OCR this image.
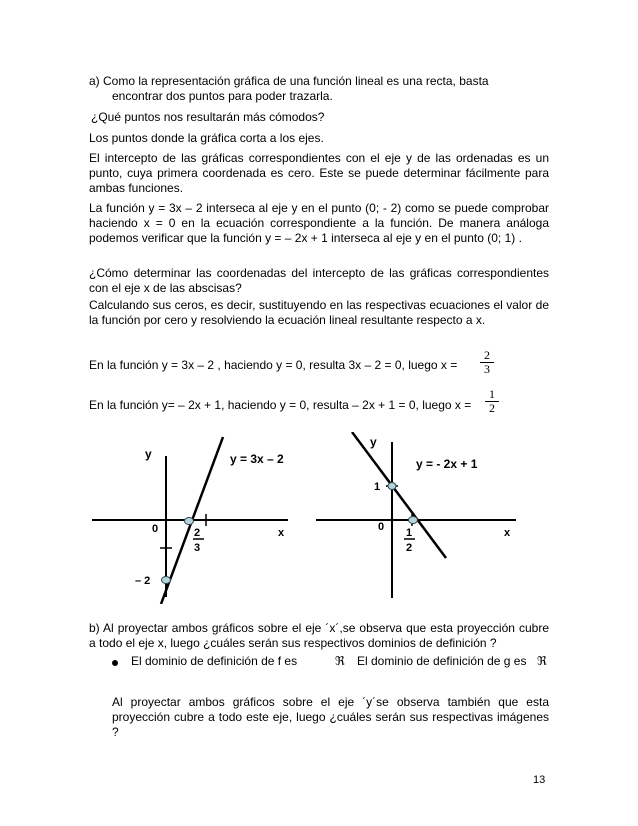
a) Como la representación gráfica de una función lineal es una recta, basta

encontrar dos puntos para poder trazarla.

¿Qué puntos nos resultarán más cómodos?

Los puntos donde la gráfica corta a los ejes.

El intercepto de las gráficas correspondientes con el eje y de las ordenadas es un punto, cuya primera coordenada es cero. Este se puede determinar fácilmente para ambas funciones.

La función y = 3x – 2 interseca al eje y en el punto (0; - 2) como se puede comprobar haciendo x = 0 en la ecuación correspondiente a la función. De manera análoga podemos verificar que la función y = – 2x + 1 interseca al eje y en el punto (0; 1) .

¿Cómo determinar las coordenadas del intercepto de las gráficas correspondientes con el eje x de las abscisas?

Calculando sus ceros, es decir, sustituyendo en las respectivas ecuaciones el valor de la función por cero y resolviendo la ecuación lineal resultante respecto a x.

En la función y = 3x – 2 , haciendo y = 0, resulta 3x – 2 = 0, luego x =	$\frac{2}{3}$

En la función y= – 2x + 1, haciendo y = 0, resulta – 2x + 1 = 0, luego x =	$\frac{1}{2}$
y	y = 3x – 2
0	x
2
3
– 2
y
y = - 2x + 1
1
0	x
1
2

b) Al proyectar ambos gráficos sobre el eje ´x´,se observa que esta proyección cubre a todo el eje x, luego ¿cuáles serán sus respectivos dominios de definición ?

El dominio de definición de f es	ℜ El dominio de definición de g es ℜ

Al proyectar ambos gráficos sobre el eje ´y´se observa también que esta proyección cubre a todo este eje, luego ¿cuáles serán sus respectivas imágenes ?

13
